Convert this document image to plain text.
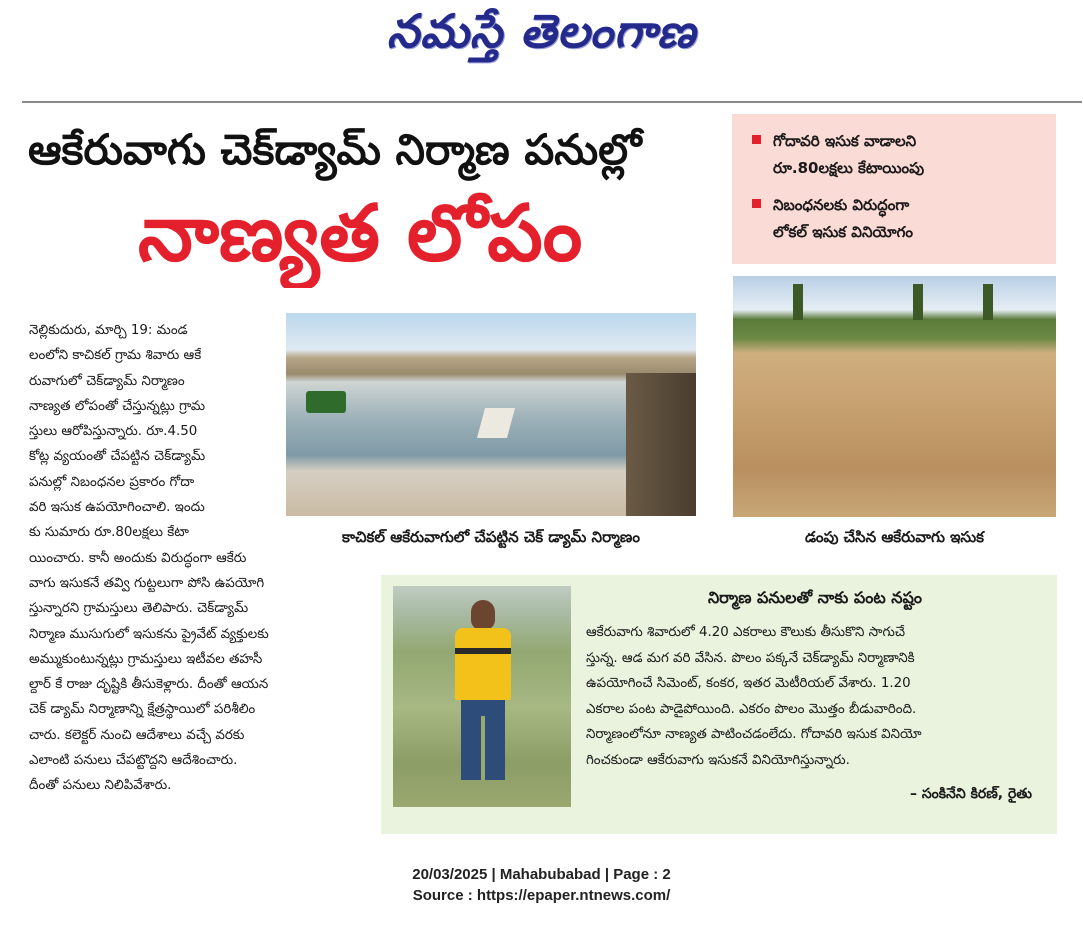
నమస్తే తెలంగాణ
ఆకేరువాగు చెక్‌డ్యామ్ నిర్మాణ పనుల్లో
నాణ్యత లోపం
గోదావరి ఇసుక వాడాలని
రూ.80లక్షలు కేటాయింపు
నిబంధనలకు విరుద్ధంగా
లోకల్ ఇసుక వినియోగం
కాచికల్ ఆకేరువాగులో చేపట్టిన చెక్ డ్యామ్ నిర్మాణం	డంపు చేసిన ఆకేరువాగు ఇసుక
నెల్లికుదురు, మార్చి 19: మండ
లంలోని కాచికల్ గ్రామ శివారు ఆకే
రువాగులో చెక్‌డ్యామ్ నిర్మాణం
నాణ్యత లోపంతో చేస్తున్నట్లు గ్రామ
స్తులు ఆరోపిస్తున్నారు. రూ.4.50
కోట్ల వ్యయంతో చేపట్టిన చెక్‌డ్యామ్
పనుల్లో నిబంధనల ప్రకారం గోదా
వరి ఇసుక ఉపయోగించాలి. ఇందు
కు సుమారు రూ.80లక్షలు కేటా
యించారు. కానీ అందుకు విరుద్ధంగా ఆకేరు
వాగు ఇసుకనే తవ్వి గుట్టలుగా పోసి ఉపయోగి
స్తున్నారని గ్రామస్తులు తెలిపారు. చెక్‌డ్యామ్
నిర్మాణ ముసుగులో ఇసుకను ప్రైవేట్ వ్యక్తులకు
అమ్ముకుంటున్నట్లు గ్రామస్తులు ఇటీవల తహసీ
ల్దార్ కే రాజు దృష్టికి తీసుకెళ్లారు. దీంతో ఆయన
చెక్ డ్యామ్ నిర్మాణాన్ని క్షేత్రస్థాయిలో పరిశీలిం
చారు. కలెక్టర్ నుంచి ఆదేశాలు వచ్చే వరకు
ఎలాంటి పనులు చేపట్టొద్దని ఆదేశించారు.
దీంతో పనులు నిలిపివేశారు.
నిర్మాణ పనులతో నాకు పంట నష్టం
ఆకేరువాగు శివారులో 4.20 ఎకరాలు కౌలుకు తీసుకొని సాగుచే
స్తున్న. ఆడ మగ వరి వేసిన. పొలం పక్కనే చెక్‌డ్యామ్ నిర్మాణానికి
ఉపయోగించే సిమెంట్, కంకర, ఇతర మెటీరియల్ వేశారు. 1.20
ఎకరాల పంట పాడైపోయింది. ఎకరం పొలం మొత్తం బీడువారింది.
నిర్మాణంలోనూ నాణ్యత పాటించడంలేదు. గోదావరి ఇసుక వినియో
గించకుండా ఆకేరువాగు ఇసుకనే వినియోగిస్తున్నారు.
– సంకినేని కిరణ్, రైతు
20/03/2025 | Mahabubabad | Page : 2
Source : https://epaper.ntnews.com/
